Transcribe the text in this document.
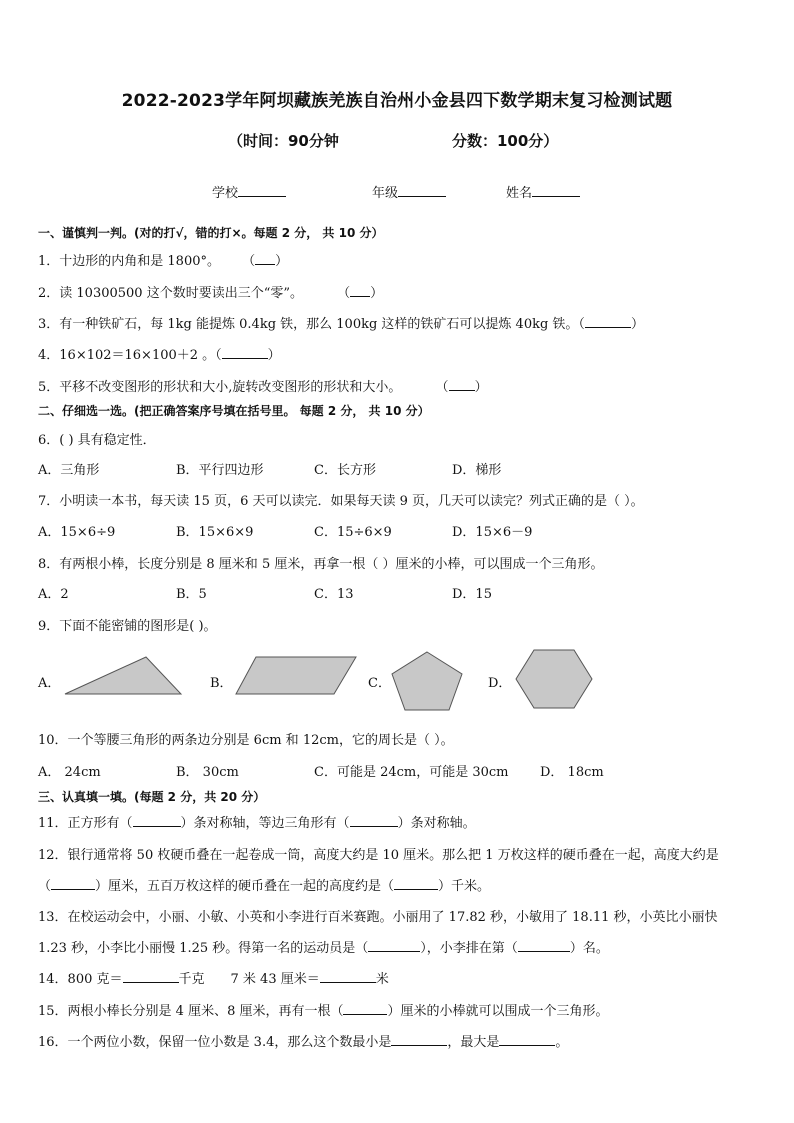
2022-2023学年阿坝藏族羌族自治州小金县四下数学期末复习检测试题
（时间：90分钟	分数：100分）
学校	年级	姓名
一、谨慎判一判。(对的打√，错的打×。每题 2 分， 共 10 分）
1．十边形的内角和是 1800°。 （ ）
2．读 10300500 这个数时要读出三个“零”。	（ ）
3．有一种铁矿石，每 1kg 能提炼 0.4kg 铁，那么 100kg 这样的铁矿石可以提炼 40kg 铁。（	）
4．16×102＝16×100＋2 。（	）
5．平移不改变图形的形状和大小,旋转改变图形的形状和大小。	（ ）
二、仔细选一选。(把正确答案序号填在括号里。 每题 2 分， 共 10 分）
6．( ) 具有稳定性．
A．三角形	B．平行四边形	C．长方形	D．梯形
7．小明读一本书，每天读 15 页，6 天可以读完．如果每天读 9 页，几天可以读完？列式正确的是（ ）。
A．15×6÷9	B．15×6×9	C．15÷6×9	D．15×6－9
8．有两根小棒，长度分别是 8 厘米和 5 厘米，再拿一根（ ）厘米的小棒，可以围成一个三角形。
A．2	B．5	C．13	D．15
9．下面不能密铺的图形是( )。
A．	B．	C．	D．
10．一个等腰三角形的两条边分别是 6cm 和 12cm，它的周长是（ ）。
A． 24cm	B． 30cm	C．可能是 24cm，可能是 30cm D． 18cm
三、认真填一填。(每题 2 分，共 20 分）
11．正方形有（	）条对称轴，等边三角形有（	）条对称轴。
12．银行通常将 50 枚硬币叠在一起卷成一筒，高度大约是 10 厘米。那么把 1 万枚这样的硬币叠在一起，高度大约是
（	）厘米，五百万枚这样的硬币叠在一起的高度约是（	）千米。
13．在校运动会中，小丽、小敏、小英和小李进行百米赛跑。小丽用了 17.82 秒，小敏用了 18.11 秒，小英比小丽快
1.23 秒，小李比小丽慢 1.25 秒。得第一名的运动员是（	），小李排在第（	）名。
14．800 克＝	千克 7 米 43 厘米＝	米
15．两根小棒长分别是 4 厘米、8 厘米，再有一根（	）厘米的小棒就可以围成一个三角形。
16．一个两位小数，保留一位小数是 3.4，那么这个数最小是	，最大是	。
